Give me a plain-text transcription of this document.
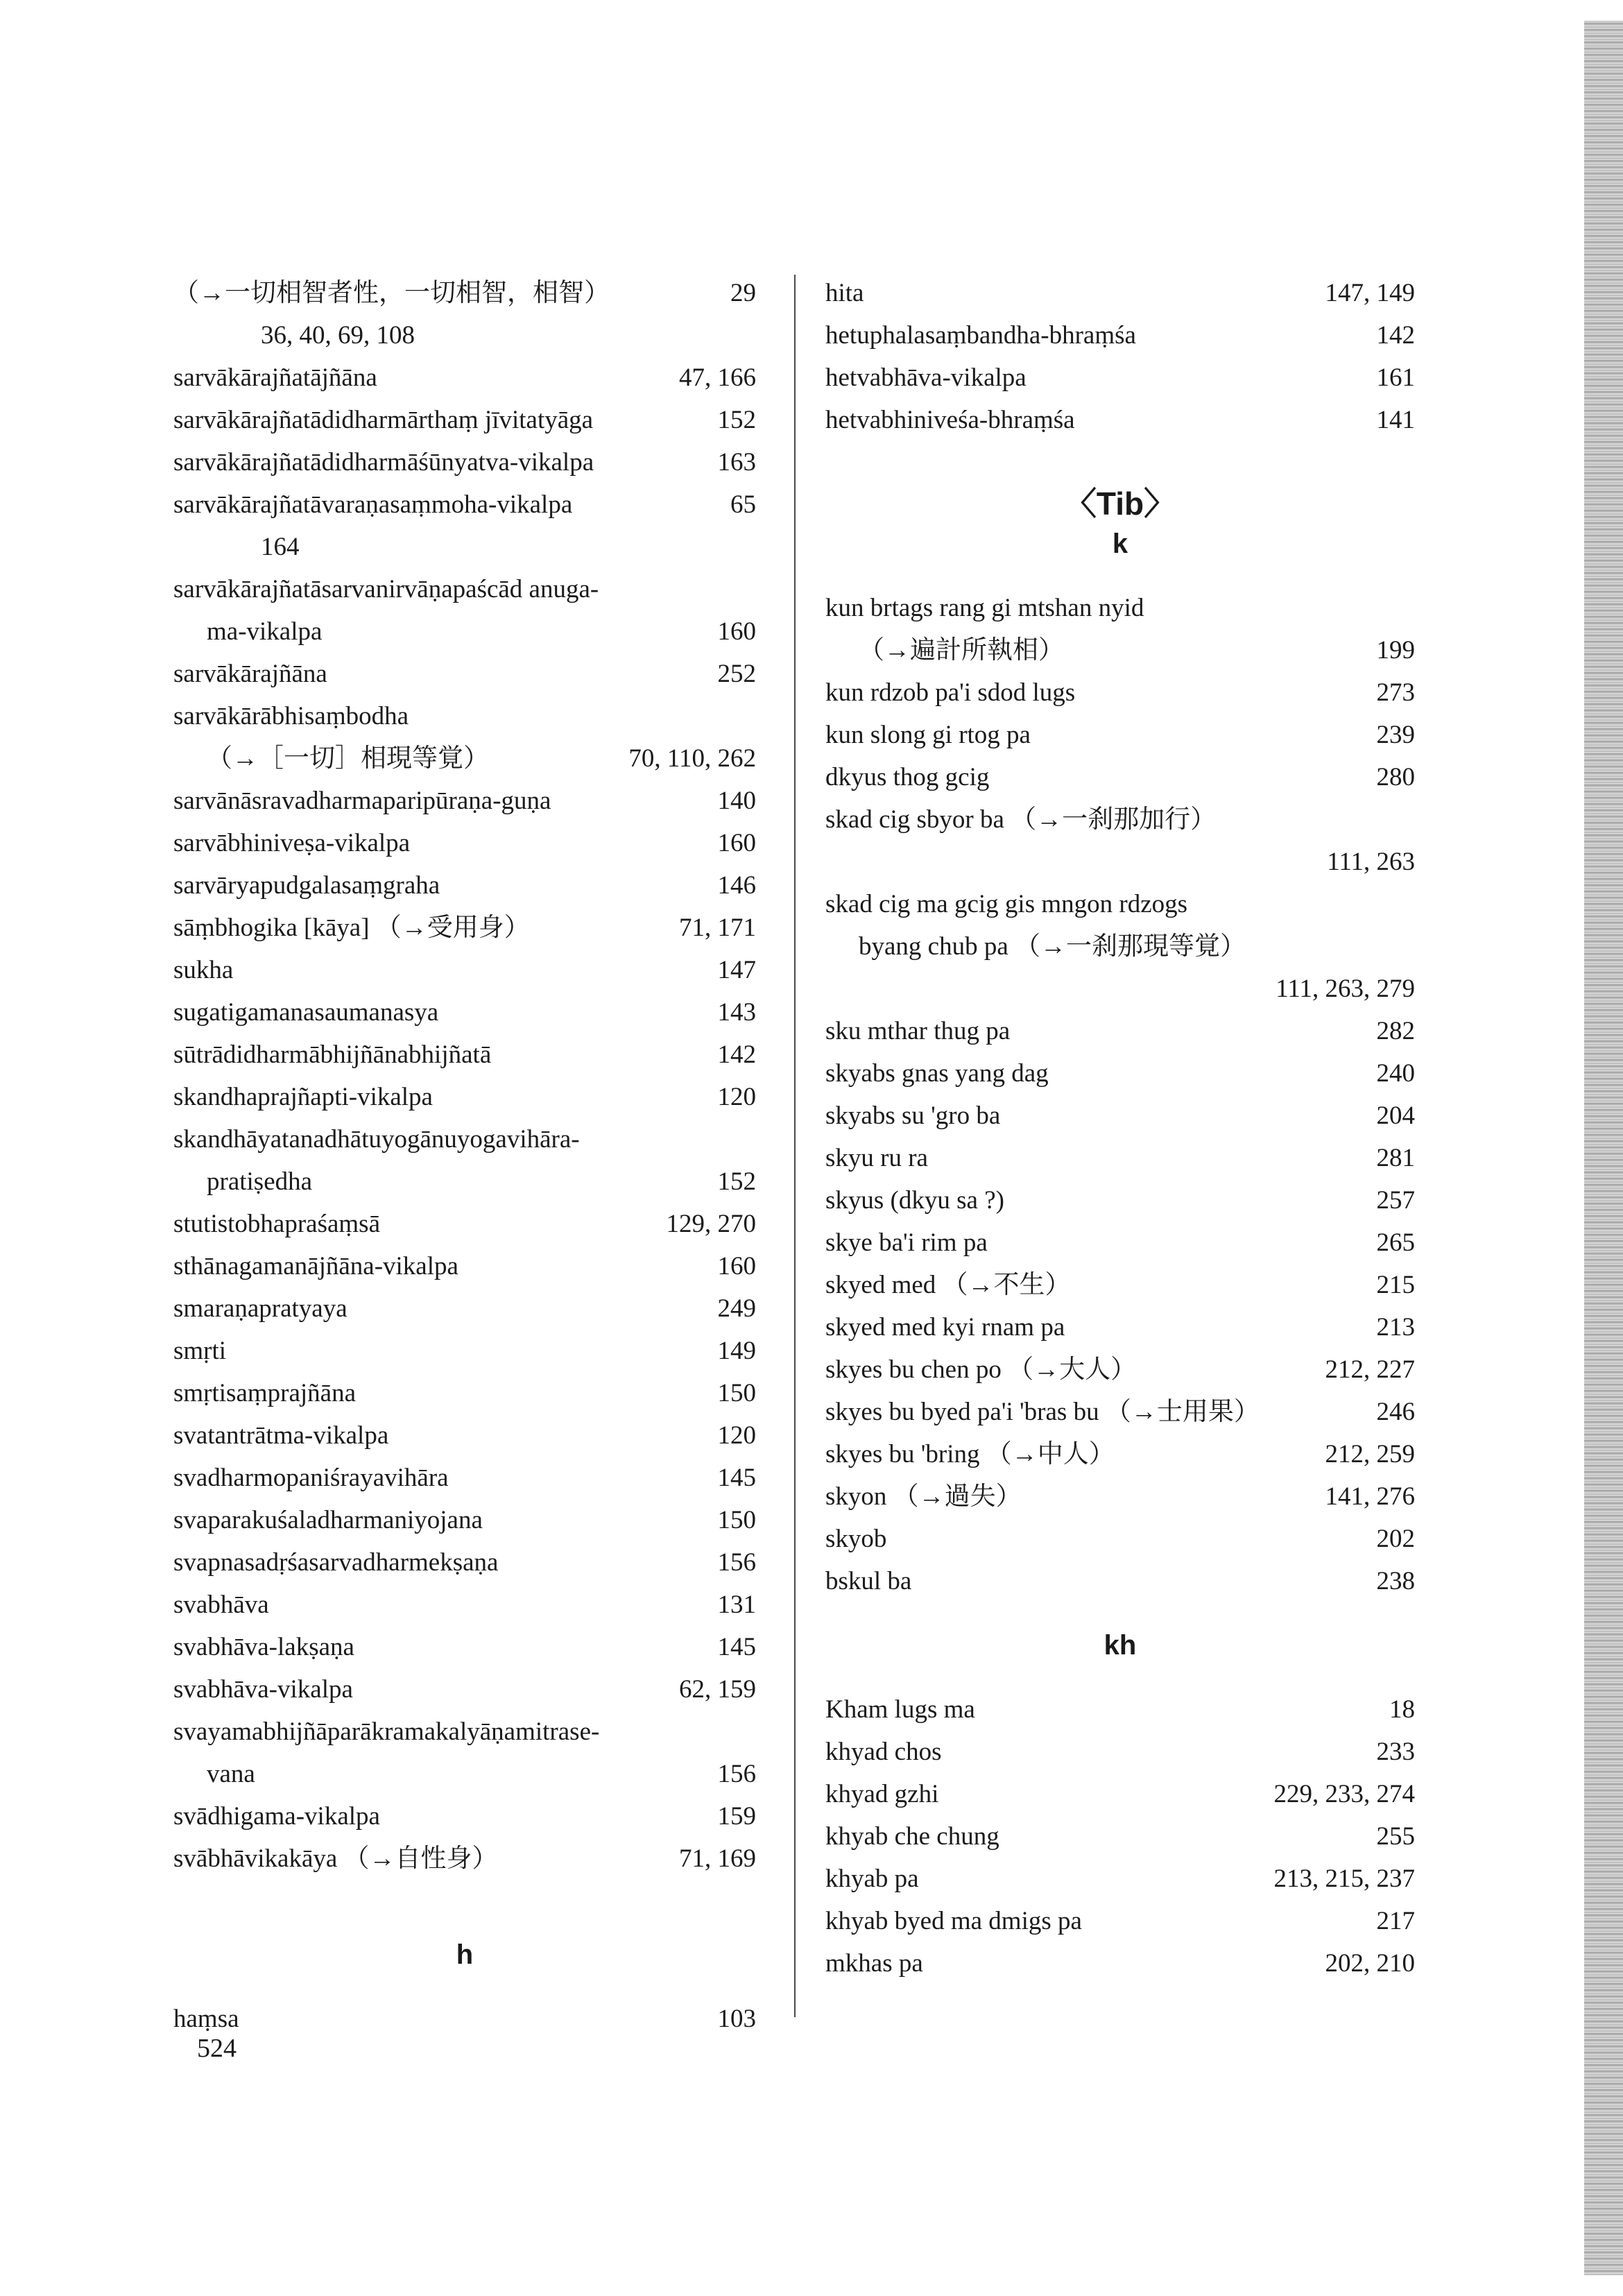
（→一切相智者性，一切相智，相智）	29
36, 40, 69, 108
sarvākārajñatājñāna	47, 166
sarvākārajñatādidharmārthaṃ jīvitatyāga	152
sarvākārajñatādidharmāśūnyatva-vikalpa	163
sarvākārajñatāvaraṇasaṃmoha-vikalpa	65
164
sarvākārajñatāsarvanirvāṇapaścād anuga-
ma-vikalpa	160
sarvākārajñāna	252
sarvākārābhisaṃbodha
（→［一切］相現等覚）	70, 110, 262
sarvānāsravadharmaparipūraṇa-guṇa	140
sarvābhiniveṣa-vikalpa	160
sarvāryapudgalasaṃgraha	146
sāṃbhogika [kāya] （→受用身）	71, 171
sukha	147
sugatigamanasaumanasya	143
sūtrādidharmābhijñānabhijñatā	142
skandhaprajñapti-vikalpa	120
skandhāyatanadhātuyogānuyogavihāra-
pratiṣedha	152
stutistobhapraśaṃsā	129, 270
sthānagamanājñāna-vikalpa	160
smaraṇapratyaya	249
smṛti	149
smṛtisaṃprajñāna	150
svatantrātma-vikalpa	120
svadharmopaniśrayavihāra	145
svaparakuśaladharmaniyojana	150
svapnasadṛśasarvadharmekṣaṇa	156
svabhāva	131
svabhāva-lakṣaṇa	145
svabhāva-vikalpa	62, 159
svayamabhijñāparākramakalyāṇamitrase-
vana	156
svādhigama-vikalpa	159
svābhāvikakāya （→自性身）	71, 169
h
haṃsa	103
hita	147, 149
hetuphalasaṃbandha-bhraṃśa	142
hetvabhāva-vikalpa	161
hetvabhiniveśa-bhraṃśa	141
〈Tib〉
k
kun brtags rang gi mtshan nyid
（→遍計所執相）	199
kun rdzob pa'i sdod lugs	273
kun slong gi rtog pa	239
dkyus thog gcig	280
skad cig sbyor ba （→一刹那加行）
111, 263
skad cig ma gcig gis mngon rdzogs
byang chub pa （→一刹那現等覚）
111, 263, 279
sku mthar thug pa	282
skyabs gnas yang dag	240
skyabs su 'gro ba	204
skyu ru ra	281
skyus (dkyu sa ?)	257
skye ba'i rim pa	265
skyed med （→不生）	215
skyed med kyi rnam pa	213
skyes bu chen po （→大人）	212, 227
skyes bu byed pa'i 'bras bu （→士用果）	246
skyes bu 'bring （→中人）	212, 259
skyon （→過失）	141, 276
skyob	202
bskul ba	238
kh
Kham lugs ma	18
khyad chos	233
khyad gzhi	229, 233, 274
khyab che chung	255
khyab pa	213, 215, 237
khyab byed ma dmigs pa	217
mkhas pa	202, 210
524
